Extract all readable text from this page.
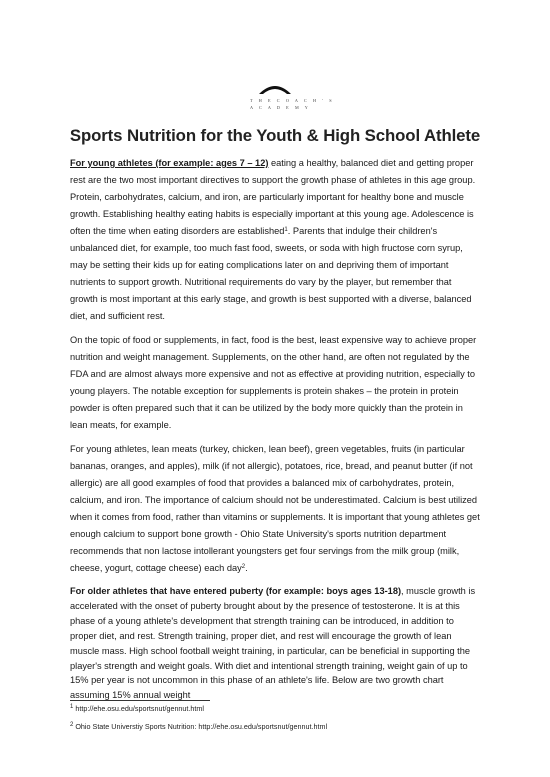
T H E C O A C H ' S
A C A D E M Y
Sports Nutrition for the Youth & High School Athlete

For young athletes (for example: ages 7 – 12) eating a healthy, balanced diet and getting proper rest are the two most important directives to support the growth phase of athletes in this age group. Protein, carbohydrates, calcium, and iron, are particularly important for healthy bone and muscle growth. Establishing healthy eating habits is especially important at this young age. Adolescence is often the time when eating disorders are established$^1$. Parents that indulge their children's unbalanced diet, for example, too much fast food, sweets, or soda with high fructose corn syrup, may be setting their kids up for eating complications later on and depriving them of important nutrients to support growth. Nutritional requirements do vary by the player, but remember that growth is most important at this early stage, and growth is best supported with a diverse, balanced diet, and sufficient rest.

On the topic of food or supplements, in fact, food is the best, least expensive way to achieve proper nutrition and weight management. Supplements, on the other hand, are often not regulated by the FDA and are almost always more expensive and not as effective at providing nutrition, especially to young players. The notable exception for supplements is protein shakes – the protein in protein powder is often prepared such that it can be utilized by the body more quickly than the protein in lean meats, for example.

For young athletes, lean meats (turkey, chicken, lean beef), green vegetables, fruits (in particular bananas, oranges, and apples), milk (if not allergic), potatoes, rice, bread, and peanut butter (if not allergic) are all good examples of food that provides a balanced mix of carbohydrates, protein, calcium, and iron. The importance of calcium should not be underestimated. Calcium is best utilized when it comes from food, rather than vitamins or supplements. It is important that young athletes get enough calcium to support bone growth - Ohio State University's sports nutrition department recommends that non lactose intollerant youngsters get four servings from the milk group (milk, cheese, yogurt, cottage cheese) each day$^2$.

For older athletes that have entered puberty (for example: boys ages 13-18), muscle growth is accelerated with the onset of puberty brought about by the presence of testosterone. It is at this phase of a young athlete's development that strength training can be introduced, in addition to proper diet, and rest. Strength training, proper diet, and rest will encourage the growth of lean muscle mass. High school football weight training, in particular, can be beneficial in supporting the player's strength and weight goals. With diet and intentional strength training, weight gain of up to 15% per year is not uncommon in this phase of an athlete's life. Below are two growth chart assuming 15% annual weight

$^1$ http://ehe.osu.edu/sportsnut/gennut.html
$^2$ Ohio State Universtiy Sports Nutrition: http://ehe.osu.edu/sportsnut/gennut.html
